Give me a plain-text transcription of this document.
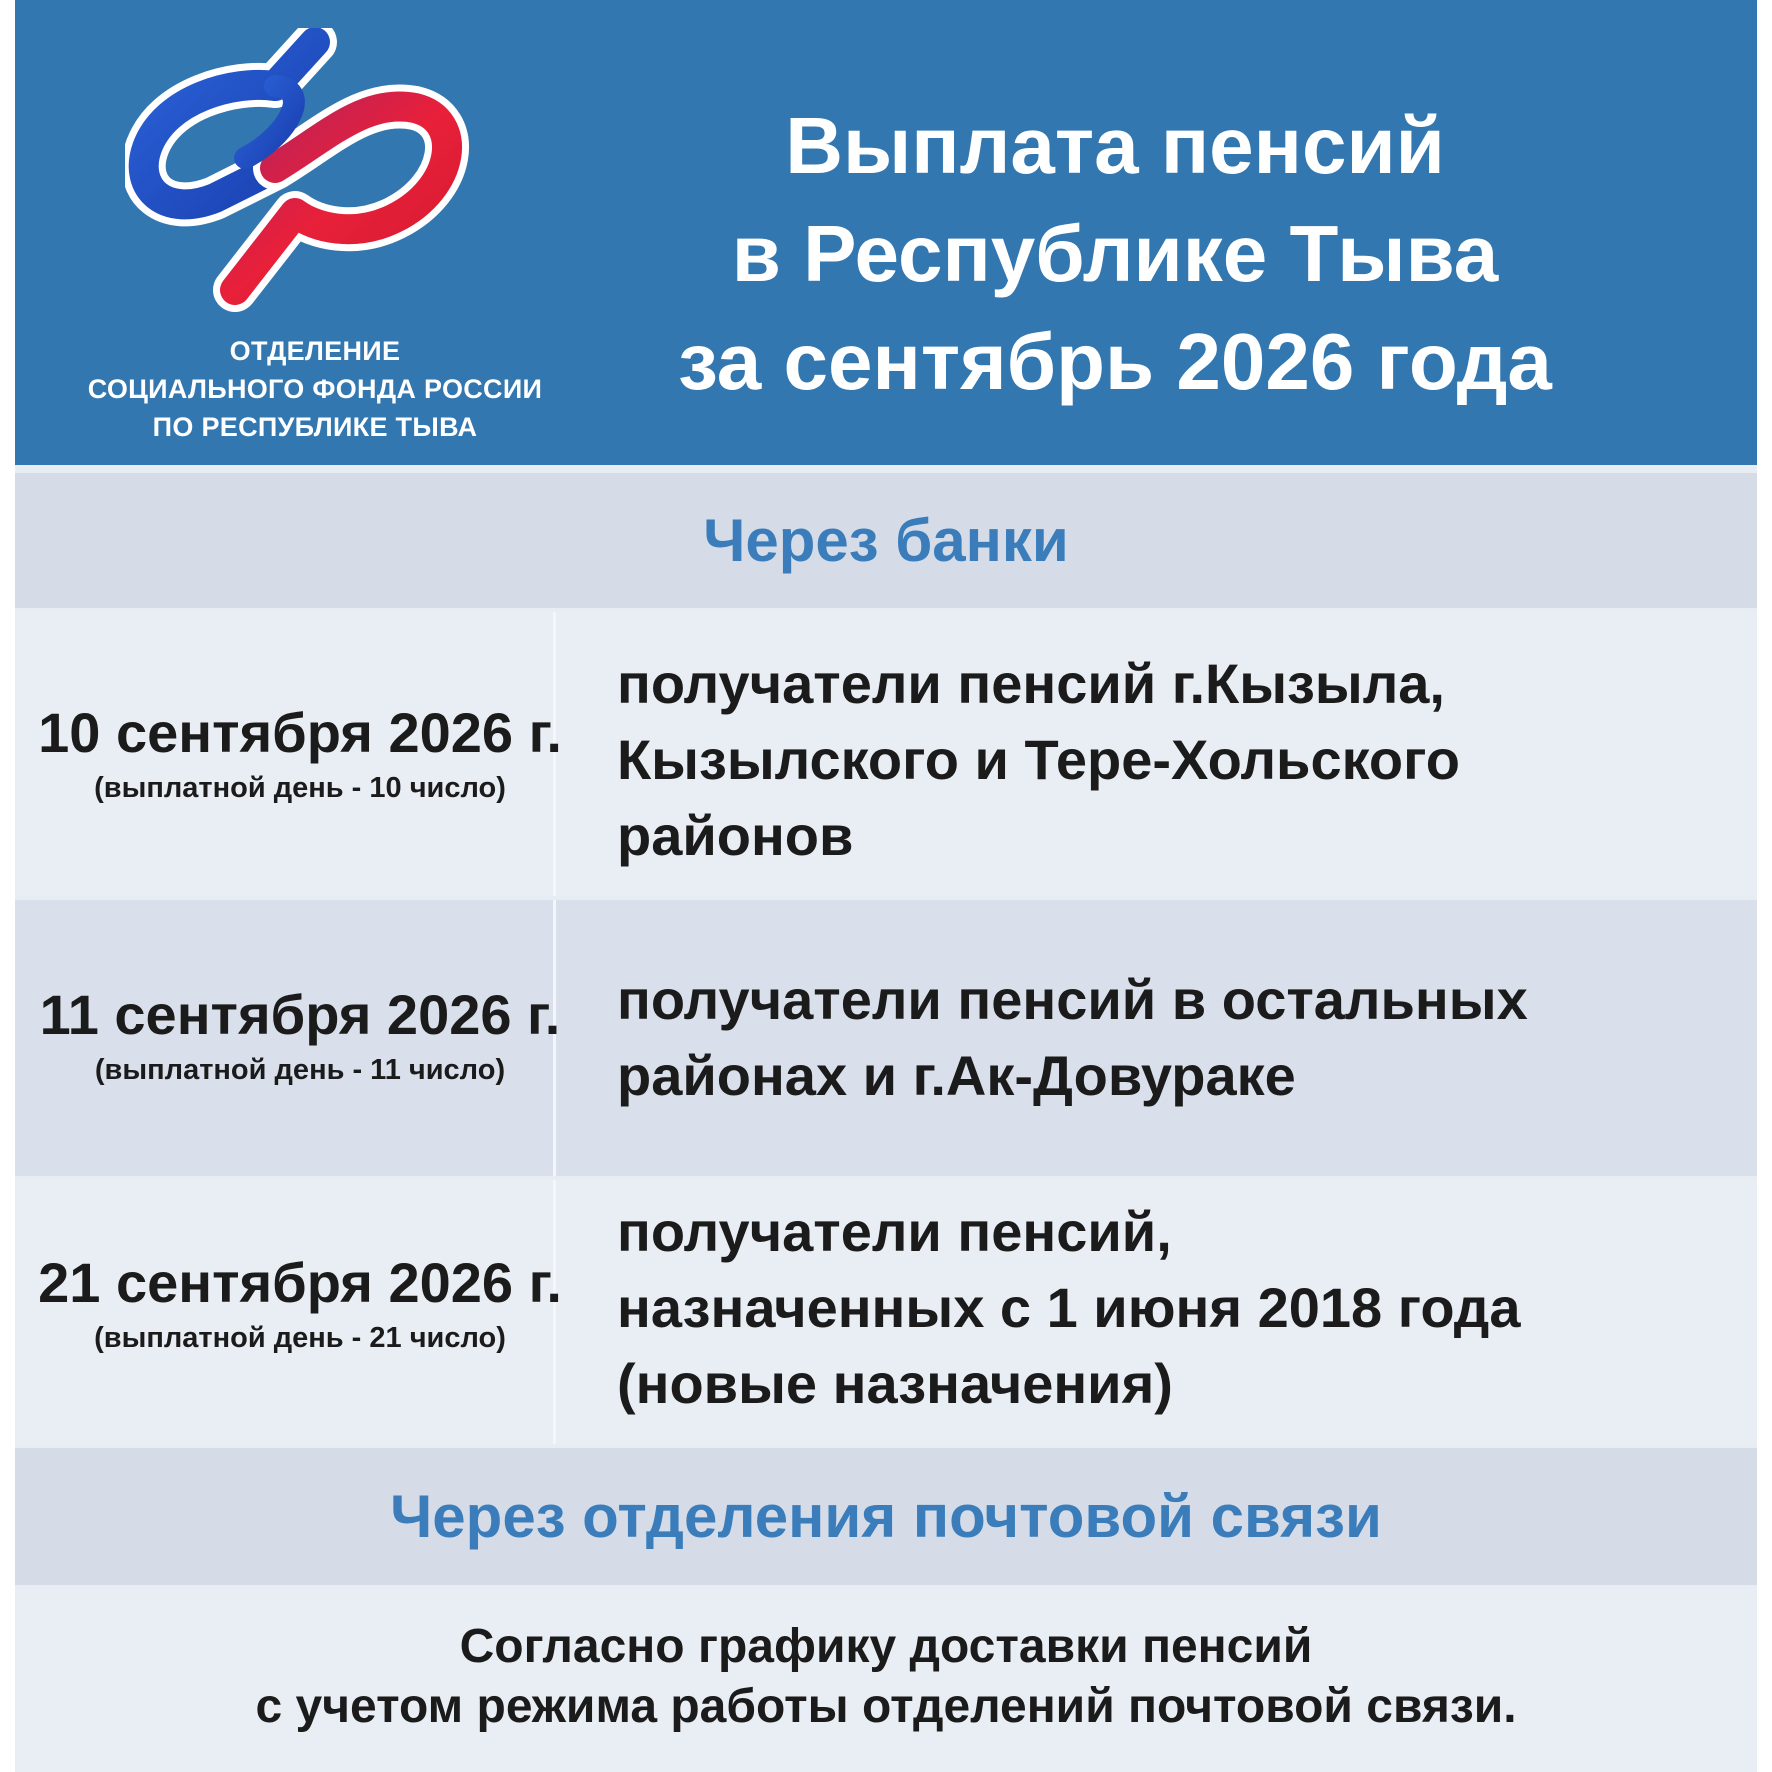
ОТДЕЛЕНИЕ
СОЦИАЛЬНОГО ФОНДА РОССИИ
ПО РЕСПУБЛИКЕ ТЫВА
Выплата пенсий
в Республике Тыва
за сентябрь 2026 года
Через банки
10 сентября 2026 г.
(выплатной день - 10 число)
получатели пенсий г.Кызыла,
Кызылского и Тере-Хольского
районов
11 сентября 2026 г.
(выплатной день - 11 число)
получатели пенсий в остальных
районах и г.Ак-Довураке
21 сентября 2026 г.
(выплатной день - 21 число)
получатели пенсий,
назначенных с 1 июня 2018 года
(новые назначения)
Через отделения почтовой связи
Согласно графику доставки пенсий
с учетом режима работы отделений почтовой связи.
